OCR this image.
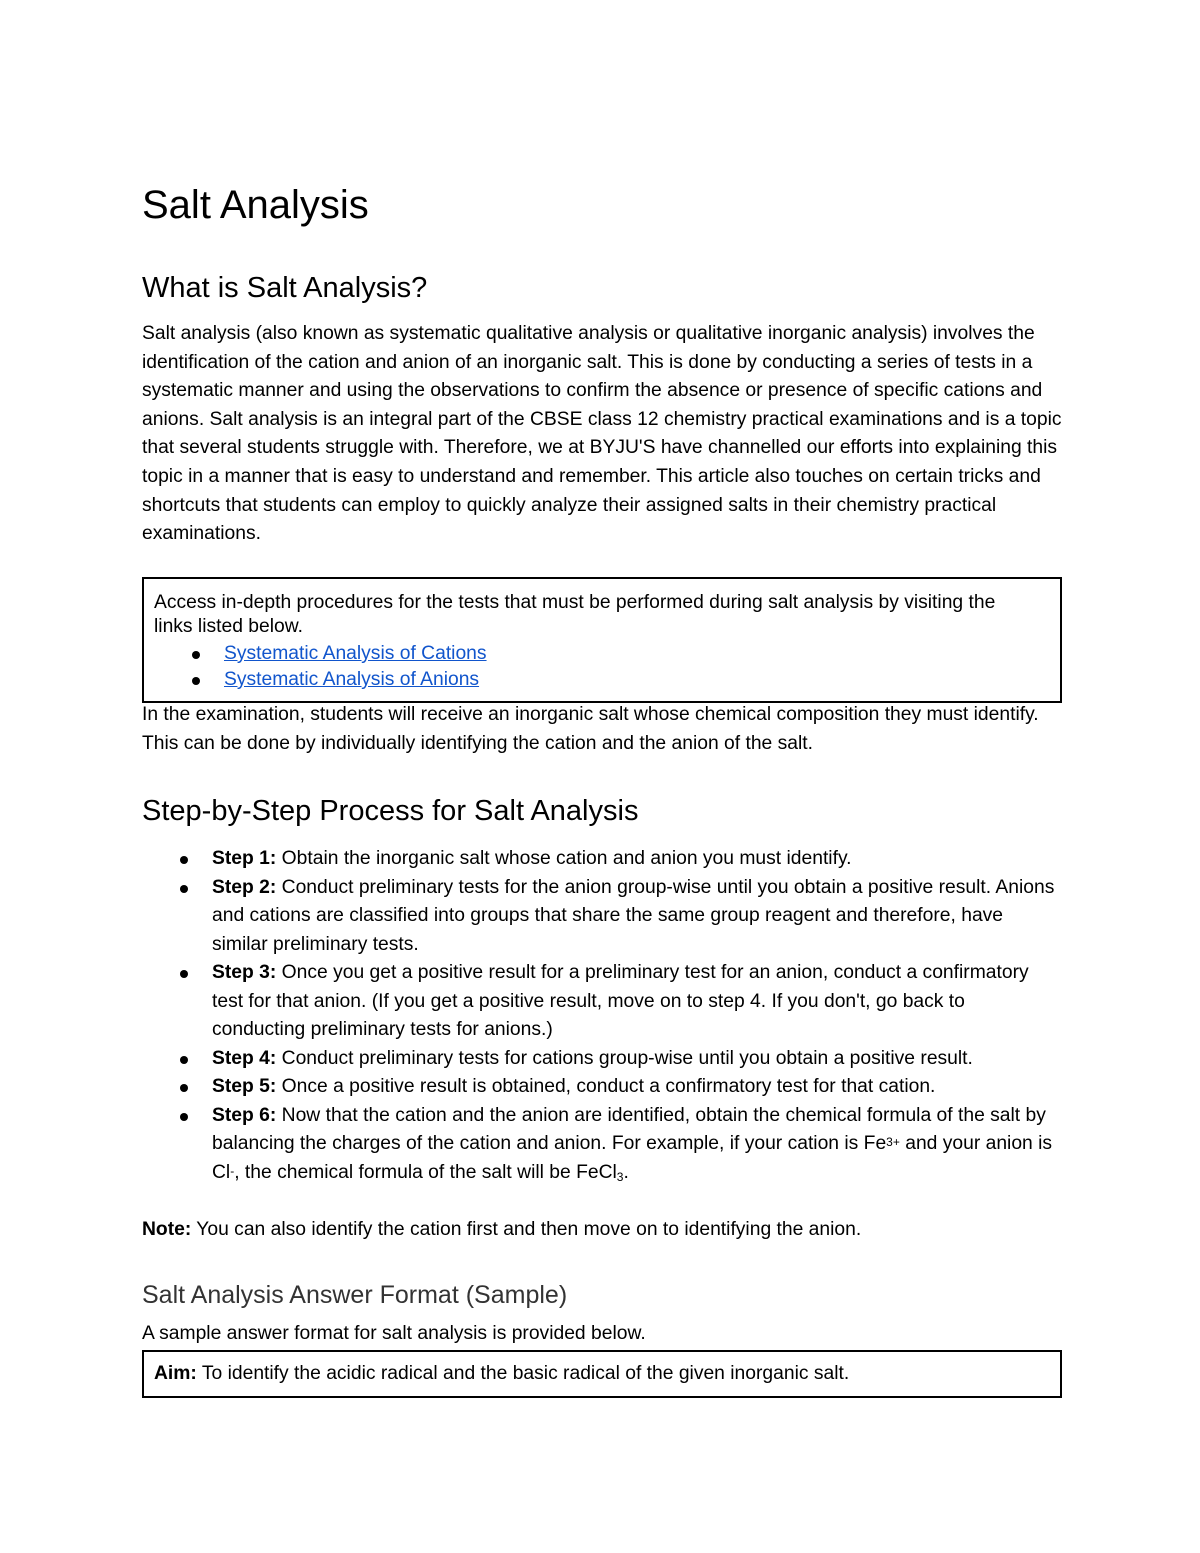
Salt Analysis
What is Salt Analysis?

Salt analysis (also known as systematic qualitative analysis or qualitative inorganic analysis) involves the identification of the cation and anion of an inorganic salt. This is done by conducting a series of tests in a systematic manner and using the observations to confirm the absence or presence of specific cations and anions. Salt analysis is an integral part of the CBSE class 12 chemistry practical examinations and is a topic that several students struggle with. Therefore, we at BYJU'S have channelled our efforts into explaining this topic in a manner that is easy to understand and remember. This article also touches on certain tricks and shortcuts that students can employ to quickly analyze their assigned salts in their chemistry practical examinations.

Access in-depth procedures for the tests that must be performed during salt analysis by visiting the links listed below.

Systematic Analysis of Cations
Systematic Analysis of Anions

In the examination, students will receive an inorganic salt whose chemical composition they must identify. This can be done by individually identifying the cation and the anion of the salt.

Step-by-Step Process for Salt Analysis
Step 1: Obtain the inorganic salt whose cation and anion you must identify.
Step 2: Conduct preliminary tests for the anion group-wise until you obtain a positive result. Anions and cations are classified into groups that share the same group reagent and therefore, have similar preliminary tests.
Step 3: Once you get a positive result for a preliminary test for an anion, conduct a confirmatory test for that anion. (If you get a positive result, move on to step 4. If you don't, go back to conducting preliminary tests for anions.)
Step 4: Conduct preliminary tests for cations group-wise until you obtain a positive result.
Step 5: Once a positive result is obtained, conduct a confirmatory test for that cation.
Step 6: Now that the cation and the anion are identified, obtain the chemical formula of the salt by balancing the charges of the cation and anion. For example, if your cation is $Fe^{3+}$ and your anion is Cl-, the chemical formula of the salt will be FeCl$_3$.

Note: You can also identify the cation first and then move on to identifying the anion.

Salt Analysis Answer Format (Sample)

A sample answer format for salt analysis is provided below.

Aim: To identify the acidic radical and the basic radical of the given inorganic salt.
